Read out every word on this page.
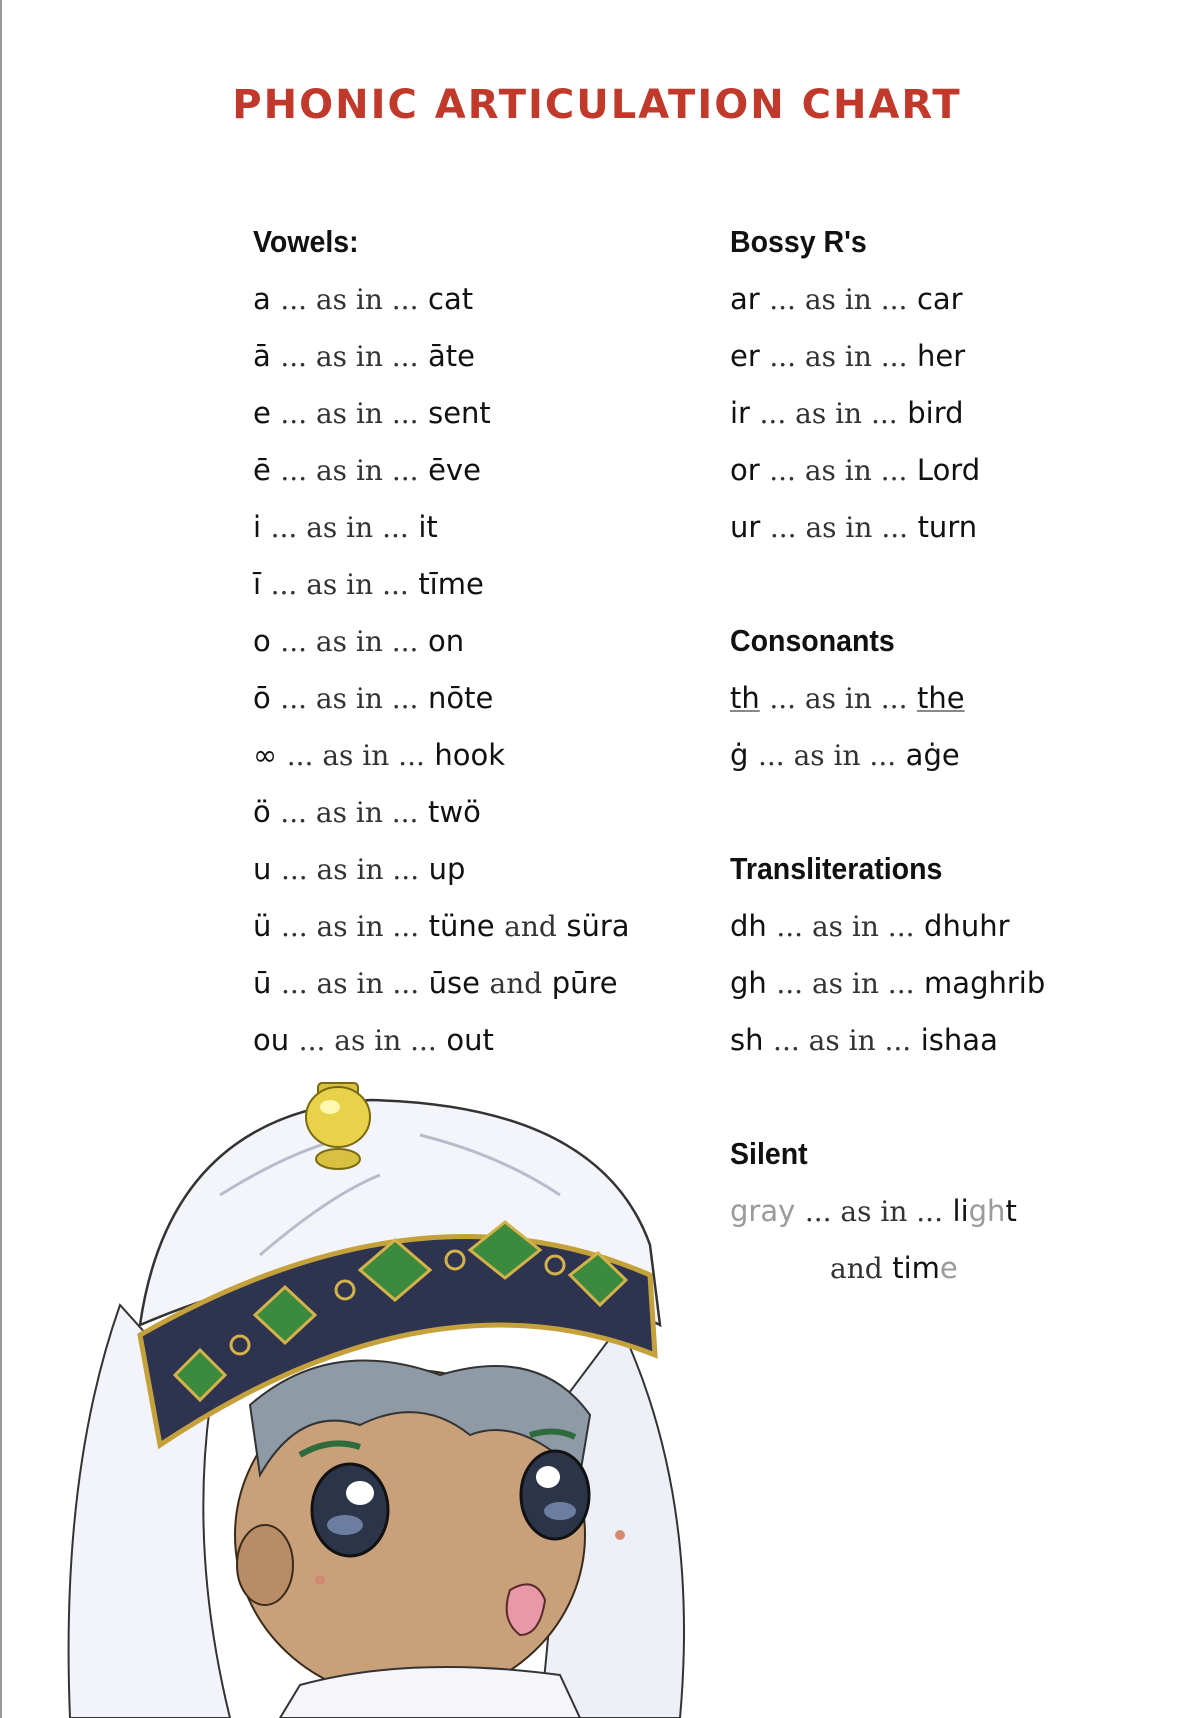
PHONIC ARTICULATION CHART
Vowels:
a ... as in ... cat
ā ... as in ... āte
e ... as in ... sent
ē ... as in ... ēve
i ... as in ... it
ī ... as in ... tīme
o ... as in ... on
ō ... as in ... nōte
∞ ... as in ... hook
ö ... as in ... twö
u ... as in ... up
ü ... as in ... tüne and süra
ū ... as in ... ūse and pūre
ou ... as in ... out
Bossy R's
ar ... as in ... car
er ... as in ... her
ir ... as in ... bird
or ... as in ... Lord
ur ... as in ... turn
Consonants
th ... as in ... the
ġ ... as in ... aġe
Transliterations
dh ... as in ... dhuhr
gh ... as in ... maghrib
sh ... as in ... ishaa
Silent
gray ... as in ... light
and time
